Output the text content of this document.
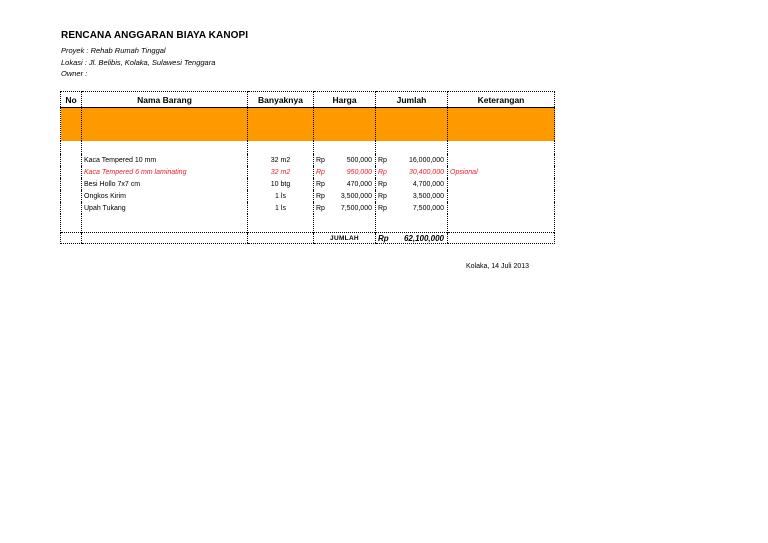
RENCANA ANGGARAN BIAYA KANOPI
Proyek : Rehab Rumah Tinggal
Lokasi : Jl. Belibis, Kolaka, Sulawesi Tenggara
Owner :
No	Nama Barang	Banyaknya	Harga	Jumlah	Keterangan

	Kaca Tempered 10 mm	32 m2	Rp 500,000	Rp 16,000,000	

	Kaca Tempered 6 mm laminating	32 m2	Rp 950,000	Rp 30,400,000	Opsional
	Besi Hollo 7x7 cm	10 btg	Rp 470,000	Rp 4,700,000	

	Ongkos Kirim	1 ls	Rp 3,500,000	Rp 3,500,000	

	Upah Tukang	1 ls	Rp 7,500,000	Rp 7,500,000	

			JUMLAH	Rp 62,100,000	

Kolaka, 14 Juli 2013
